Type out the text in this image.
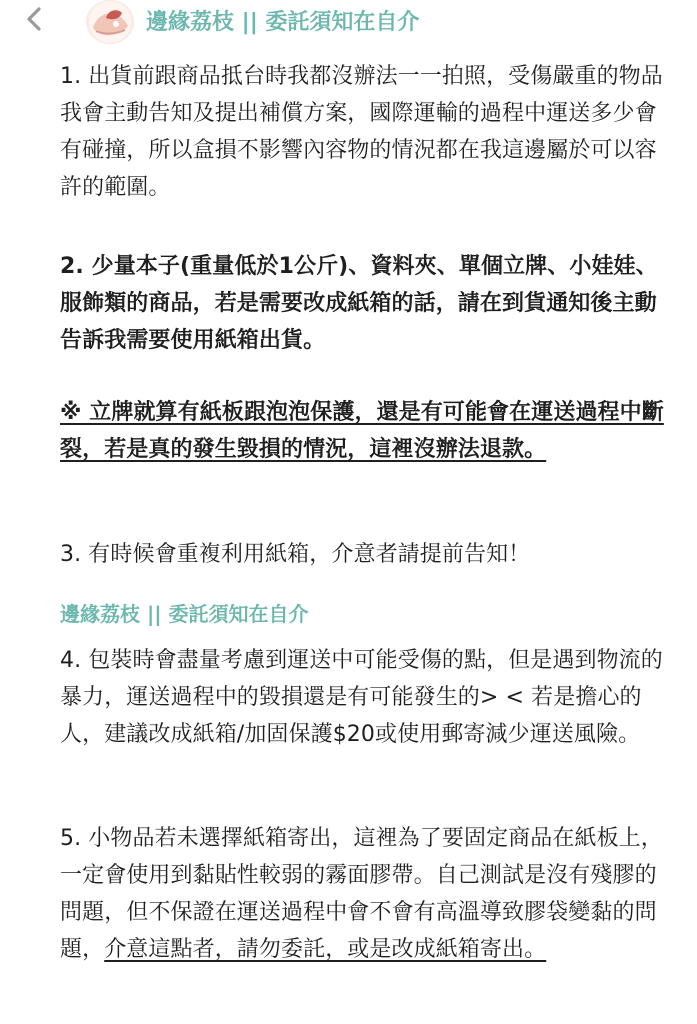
邊緣荔枝 || 委託須知在自介

1. 出貨前跟商品抵台時我都沒辦法一一拍照，受傷嚴重的物品我會主動告知及提出補償方案，國際運輸的過程中運送多少會有碰撞，所以盒損不影響內容物的情況都在我這邊屬於可以容許的範圍。

2. 少量本子(重量低於1公斤)、資料夾、單個立牌、小娃娃、服飾類的商品，若是需要改成紙箱的話，請在到貨通知後主動告訴我需要使用紙箱出貨。

※ 立牌就算有紙板跟泡泡保護，還是有可能會在運送過程中斷裂，若是真的發生毀損的情況，這裡沒辦法退款。

3. 有時候會重複利用紙箱，介意者請提前告知！

邊緣荔枝 || 委託須知在自介

4. 包裝時會盡量考慮到運送中可能受傷的點，但是遇到物流的暴力，運送過程中的毀損還是有可能發生的> < 若是擔心的人，建議改成紙箱/加固保護$20或使用郵寄減少運送風險。

5. 小物品若未選擇紙箱寄出，這裡為了要固定商品在紙板上，一定會使用到黏貼性較弱的霧面膠帶。自己測試是沒有殘膠的問題，但不保證在運送過程中會不會有高溫導致膠袋變黏的問題，介意這點者，請勿委託，或是改成紙箱寄出。
